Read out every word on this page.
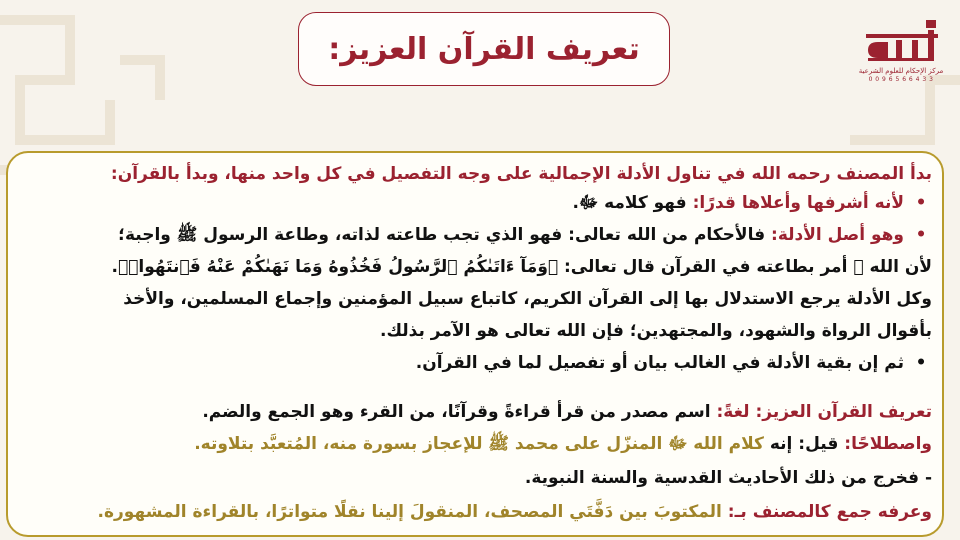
تعريف القرآن العزيز:
مركز الإحكام للعلوم الشرعية
0 0 9 6 5 6 6 4 3 3
بدأ المصنف رحمه الله في تناول الأدلة الإجمالية على وجه التفصيل في كل واحد منها، وبدأ بالقرآن:
• لأنه أشرفها وأعلاها قدرًا: فهو كلامه ﷻ.
• وهو أصل الأدلة: فالأحكام من الله تعالى: فهو الذي تجب طاعته لذاته، وطاعة الرسول ﷺ واجبة؛
لأن الله ﷻ أمر بطاعته في القرآن قال تعالى: ﴿وَمَآ ءَاتَىٰكُمُ ٱلرَّسُولُ فَخُذُوهُ وَمَا نَهَىٰكُمْ عَنْهُ فَٱنتَهُوا۟﴾.
وكل الأدلة يرجع الاستدلال بها إلى القرآن الكريم، كاتباع سبيل المؤمنين وإجماع المسلمين، والأخذ
بأقوال الرواة والشهود، والمجتهدين؛ فإن الله تعالى هو الآمر بذلك.
• ثم إن بقية الأدلة في الغالب بيان أو تفصيل لما في القرآن.
تعريف القرآن العزيز: لغةً: اسم مصدر من قرأ قراءةً وقرآنًا، من القرء وهو الجمع والضم.
واصطلاحًا: قيل: إنه كلام الله ﷻ المنزّل على محمد ﷺ للإعجاز بسورة منه، المُتعبَّد بتلاوته.
- فخرج من ذلك الأحاديث القدسية والسنة النبوية.
وعرفه جمع كالمصنف بـ: المكتوبَ بين دَفَّتَي المصحف، المنقولَ إلينا نقلًا متواترًا، بالقراءة المشهورة.
